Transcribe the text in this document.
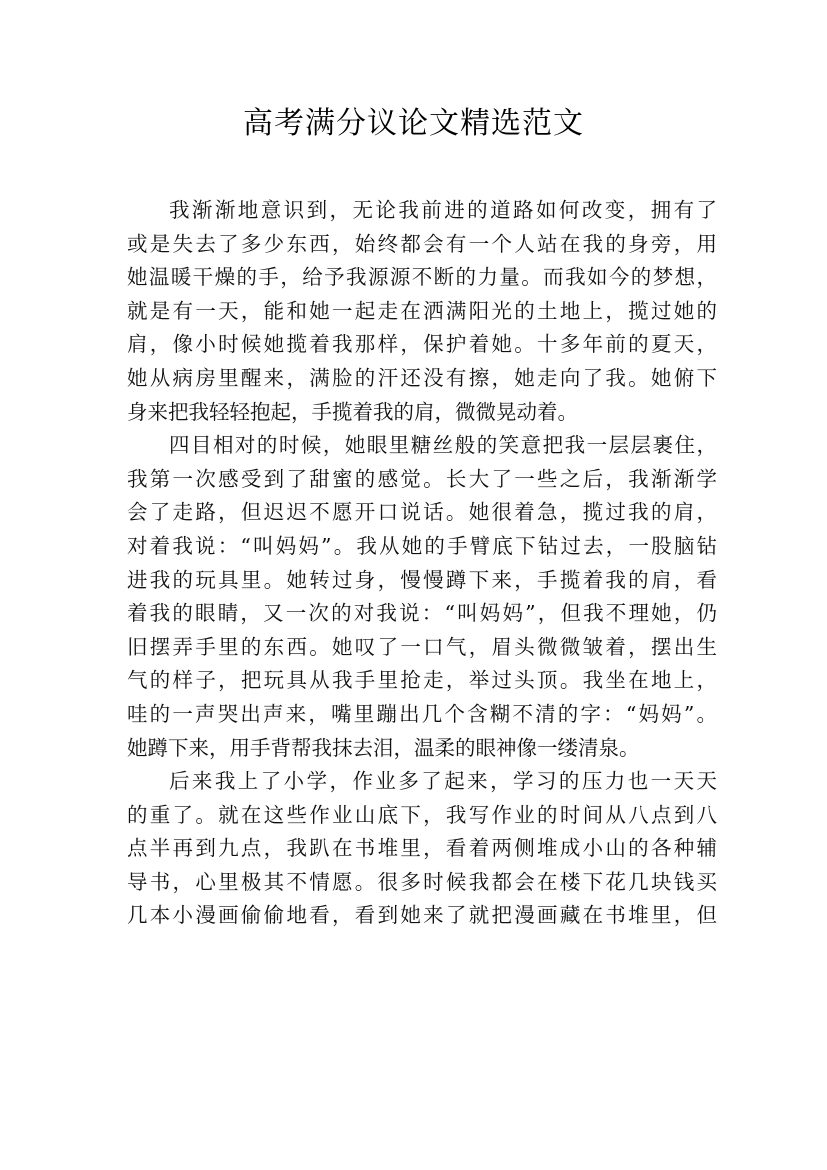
高考满分议论文精选范文
我渐渐地意识到，无论我前进的道路如何改变，拥有了
或是失去了多少东西，始终都会有一个人站在我的身旁，用
她温暖干燥的手，给予我源源不断的力量。而我如今的梦想，
就是有一天，能和她一起走在洒满阳光的土地上，揽过她的
肩，像小时候她揽着我那样，保护着她。十多年前的夏天，
她从病房里醒来，满脸的汗还没有擦，她走向了我。她俯下
身来把我轻轻抱起，手揽着我的肩，微微晃动着。
四目相对的时候，她眼里糖丝般的笑意把我一层层裹住，
我第一次感受到了甜蜜的感觉。长大了一些之后，我渐渐学
会了走路，但迟迟不愿开口说话。她很着急，揽过我的肩，
对着我说：“叫妈妈”。我从她的手臂底下钻过去，一股脑钻
进我的玩具里。她转过身，慢慢蹲下来，手揽着我的肩，看
着我的眼睛，又一次的对我说：“叫妈妈”，但我不理她，仍
旧摆弄手里的东西。她叹了一口气，眉头微微皱着，摆出生
气的样子，把玩具从我手里抢走，举过头顶。我坐在地上，
哇的一声哭出声来，嘴里蹦出几个含糊不清的字：“妈妈”。
她蹲下来，用手背帮我抹去泪，温柔的眼神像一缕清泉。
后来我上了小学，作业多了起来，学习的压力也一天天
的重了。就在这些作业山底下，我写作业的时间从八点到八
点半再到九点，我趴在书堆里，看着两侧堆成小山的各种辅
导书，心里极其不情愿。很多时候我都会在楼下花几块钱买
几本小漫画偷偷地看，看到她来了就把漫画藏在书堆里，但
